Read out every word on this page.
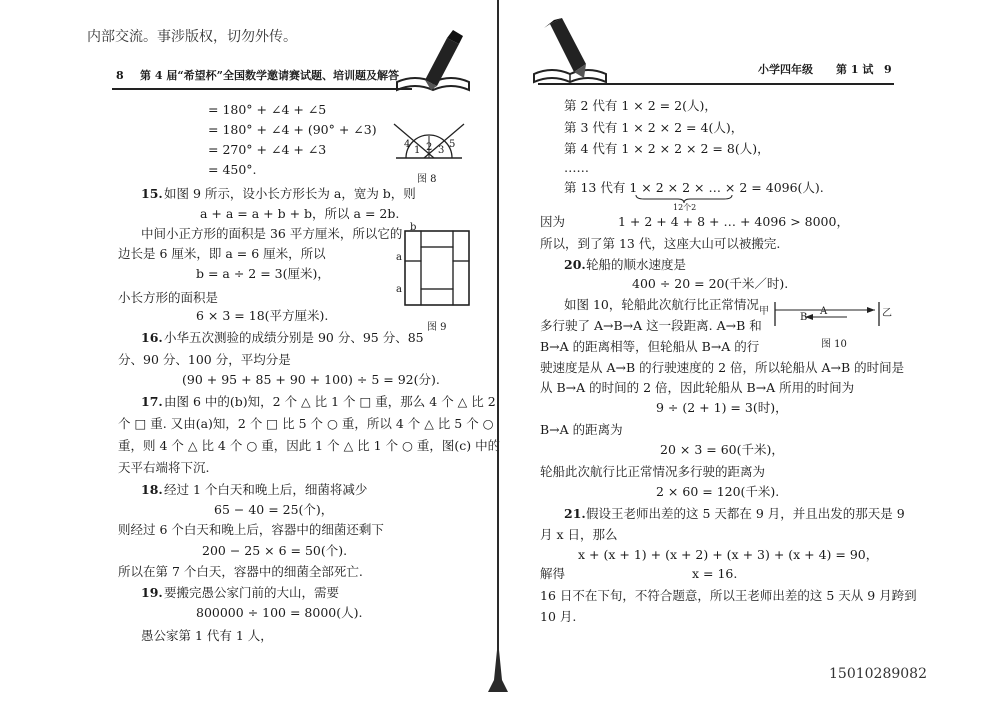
内部交流。事涉版权，切勿外传。
8 第 4 届“希望杯”全国数学邀请赛试题、培训题及解答
= 180° + ∠4 + ∠5
= 180° + ∠4 + (90° + ∠3)
= 270° + ∠4 + ∠3
= 450°.
4
1 2 3
5
图 8
15. 如图 9 所示，设小长方形长为 a，宽为 b，则
a + a = a + b + b，所以 a = 2b.
中间小正方形的面积是 36 平方厘米，所以它的
边长是 6 厘米，即 a = 6 厘米，所以
b = a ÷ 2 = 3(厘米)，
小长方形的面积是
6 × 3 = 18(平方厘米).
b
a
a
图 9
16. 小华五次测验的成绩分别是 90 分、95 分、85
分、90 分、100 分，平均分是
(90 + 95 + 85 + 90 + 100) ÷ 5 = 92(分).
17. 由图 6 中的(b)知，2 个 △ 比 1 个 □ 重，那么 4 个 △ 比 2
个 □ 重. 又由(a)知，2 个 □ 比 5 个 ○ 重，所以 4 个 △ 比 5 个 ○
重，则 4 个 △ 比 4 个 ○ 重，因此 1 个 △ 比 1 个 ○ 重，图(c) 中的
天平右端将下沉.
18. 经过 1 个白天和晚上后，细菌将减少
65 − 40 = 25(个)，
则经过 6 个白天和晚上后，容器中的细菌还剩下
200 − 25 × 6 = 50(个).
所以在第 7 个白天，容器中的细菌全部死亡.
19. 要搬完愚公家门前的大山，需要
800000 ÷ 100 = 8000(人).
愚公家第 1 代有 1 人，
小学四年级 第 1 试 9
第 2 代有 1 × 2 = 2(人)，
第 3 代有 1 × 2 × 2 = 4(人)，
第 4 代有 1 × 2 × 2 × 2 = 8(人)，
……
第 13 代有 1 × 2 × 2 × … × 2 = 4096(人).
12个2
因为	1 + 2 + 4 + 8 + … + 4096 > 8000，
所以，到了第 13 代，这座大山可以被搬完.
20. 轮船的顺水速度是
400 ÷ 20 = 20(千米／时).
如图 10，轮船此次航行比正常情况
多行驶了 A→B→A 这一段距离. A→B 和
B→A 的距离相等，但轮船从 B→A 的行
驶速度是从 A→B 的行驶速度的 2 倍，所以轮船从 A→B 的时间是
从 B→A 的时间的 2 倍，因此轮船从 B→A 所用的时间为
9 ÷ (2 + 1) = 3(时)，
B→A 的距离为
20 × 3 = 60(千米)，
轮船此次航行比正常情况多行驶的距离为
2 × 60 = 120(千米).
甲	乙
B
A
图 10
21. 假设王老师出差的这 5 天都在 9 月，并且出发的那天是 9
月 x 日，那么
x + (x + 1) + (x + 2) + (x + 3) + (x + 4) = 90，
解得	x = 16.
16 日不在下旬，不符合题意，所以王老师出差的这 5 天从 9 月跨到
10 月.
15010289082
